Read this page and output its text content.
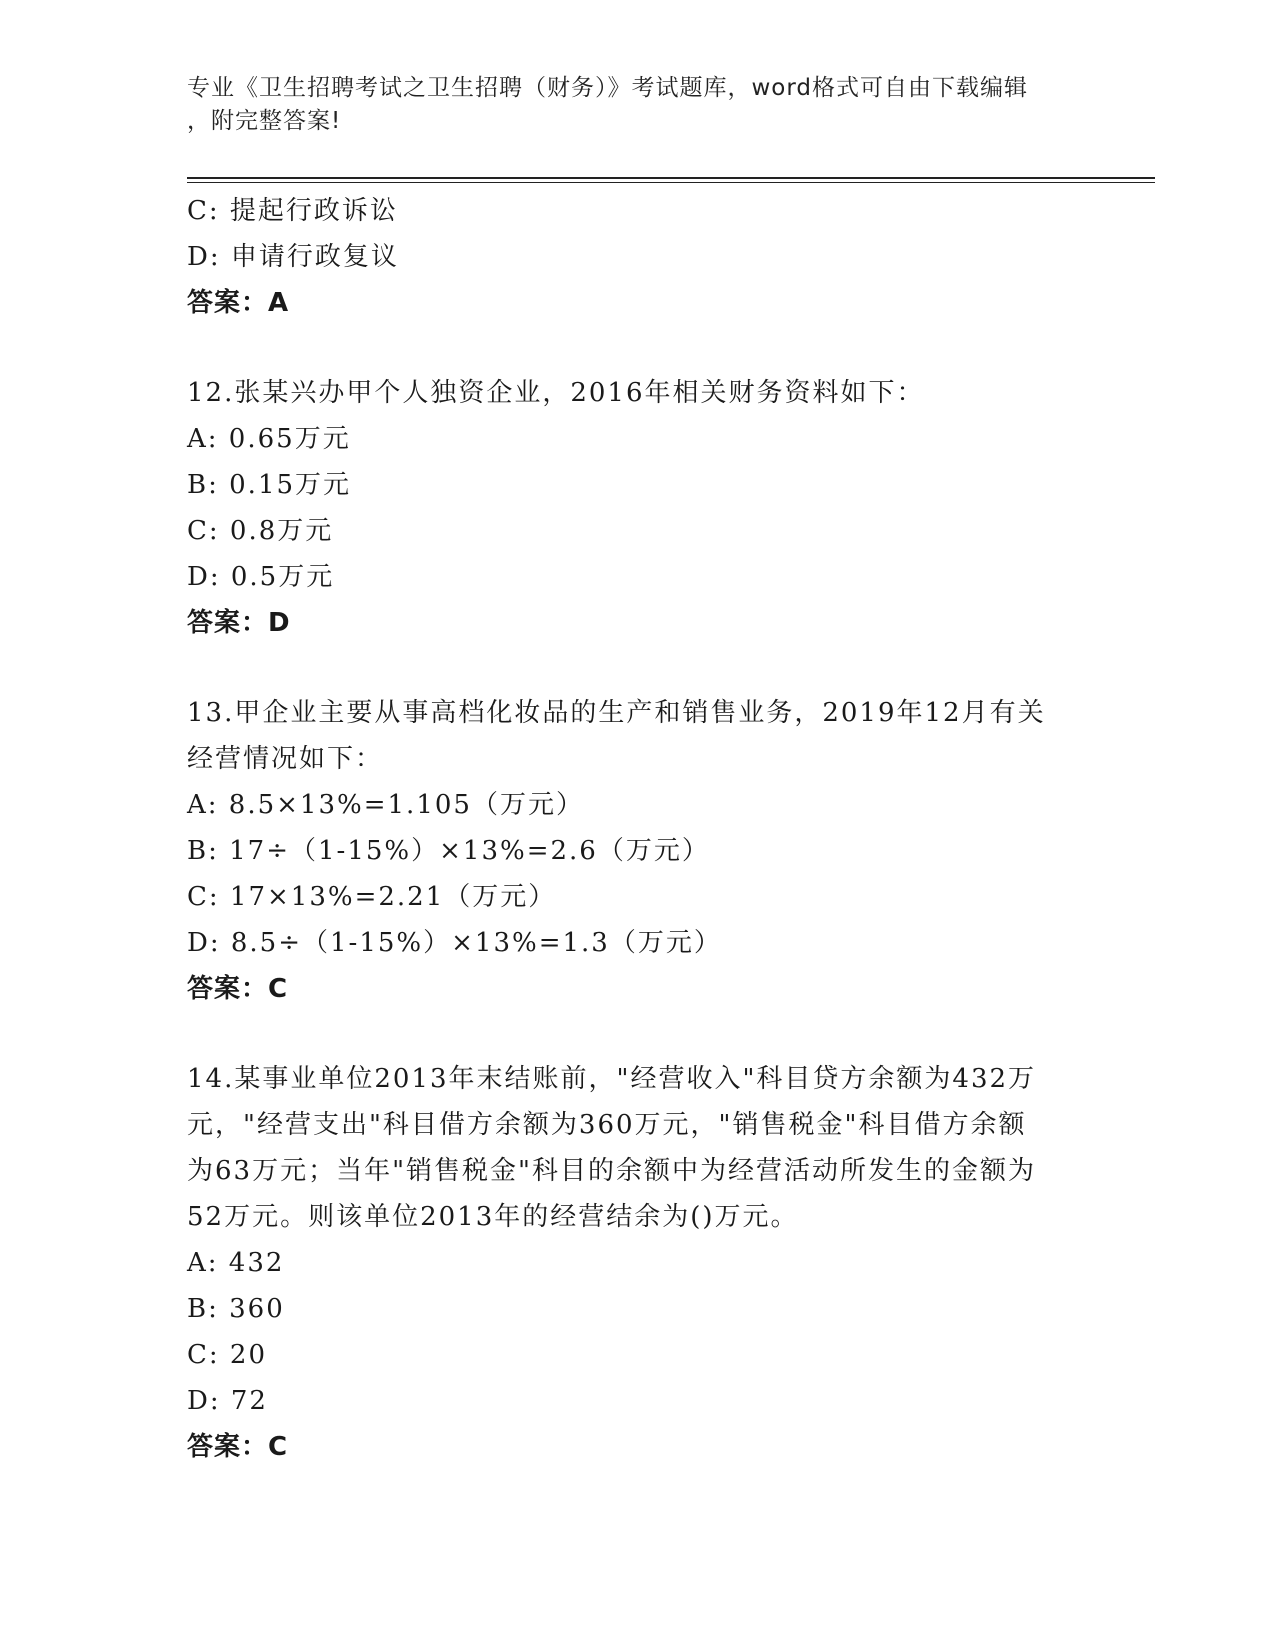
专业《卫生招聘考试之卫生招聘（财务）》考试题库，word格式可自由下载编辑
，附完整答案!
C: 提起行政诉讼
D: 申请行政复议
答案：A
12.张某兴办甲个人独资企业，2016年相关财务资料如下：
A: 0.65万元
B: 0.15万元
C: 0.8万元
D: 0.5万元
答案：D
13.甲企业主要从事高档化妆品的生产和销售业务，2019年12月有关
经营情况如下：
A: 8.5×13%=1.105（万元）
B: 17÷（1-15%）×13%=2.6（万元）
C: 17×13%=2.21（万元）
D: 8.5÷（1-15%）×13%=1.3（万元）
答案：C
14.某事业单位2013年末结账前，"经营收入"科目贷方余额为432万
元，"经营支出"科目借方余额为360万元，"销售税金"科目借方余额
为63万元；当年"销售税金"科目的余额中为经营活动所发生的金额为
52万元。则该单位2013年的经营结余为()万元。
A: 432
B: 360
C: 20
D: 72
答案：C
